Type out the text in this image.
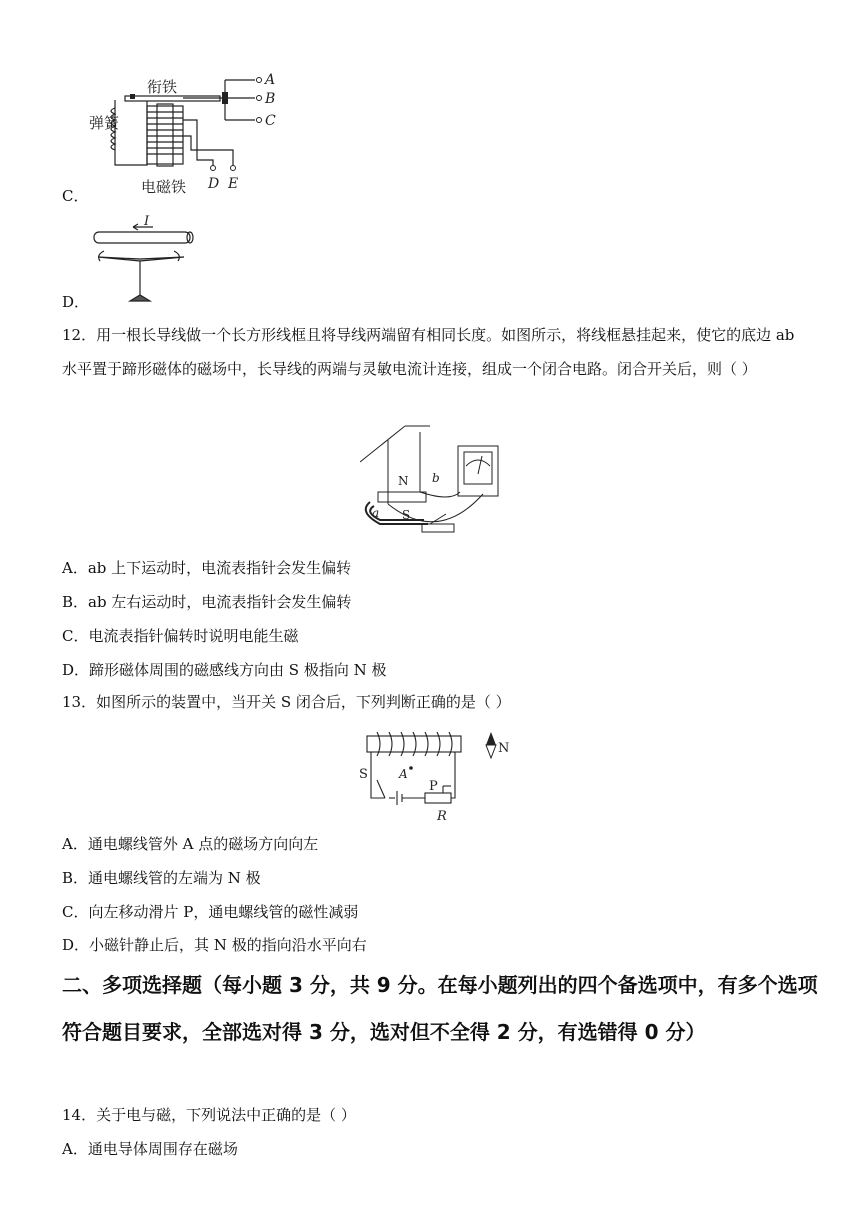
衔铁
弹簧
电磁铁
A
B
C
D E
C．
I
D．
12．用一根长导线做一个长方形线框且将导线两端留有相同长度。如图所示，将线框悬挂起来，使它的底边 ab 水平置于蹄形磁体的磁场中，长导线的两端与灵敏电流计连接，组成一个闭合电路。闭合开关后，则（ ）
N
S
a
b
A．ab 上下运动时，电流表指针会发生偏转
B．ab 左右运动时，电流表指针会发生偏转
C．电流表指针偏转时说明电能生磁
D．蹄形磁体周围的磁感线方向由 S 极指向 N 极
13．如图所示的装置中，当开关 S 闭合后，下列判断正确的是（ ）
N
S	A
P
R
A．通电螺线管外 A 点的磁场方向向左
B．通电螺线管的左端为 N 极
C．向左移动滑片 P，通电螺线管的磁性减弱
D．小磁针静止后，其 N 极的指向沿水平向右
二、多项选择题（每小题 3 分，共 9 分。在每小题列出的四个备选项中，有多个选项符合题目要求，全部选对得 3 分，选对但不全得 2 分，有选错得 0 分）
14．关于电与磁，下列说法中正确的是（ ）
A．通电导体周围存在磁场
